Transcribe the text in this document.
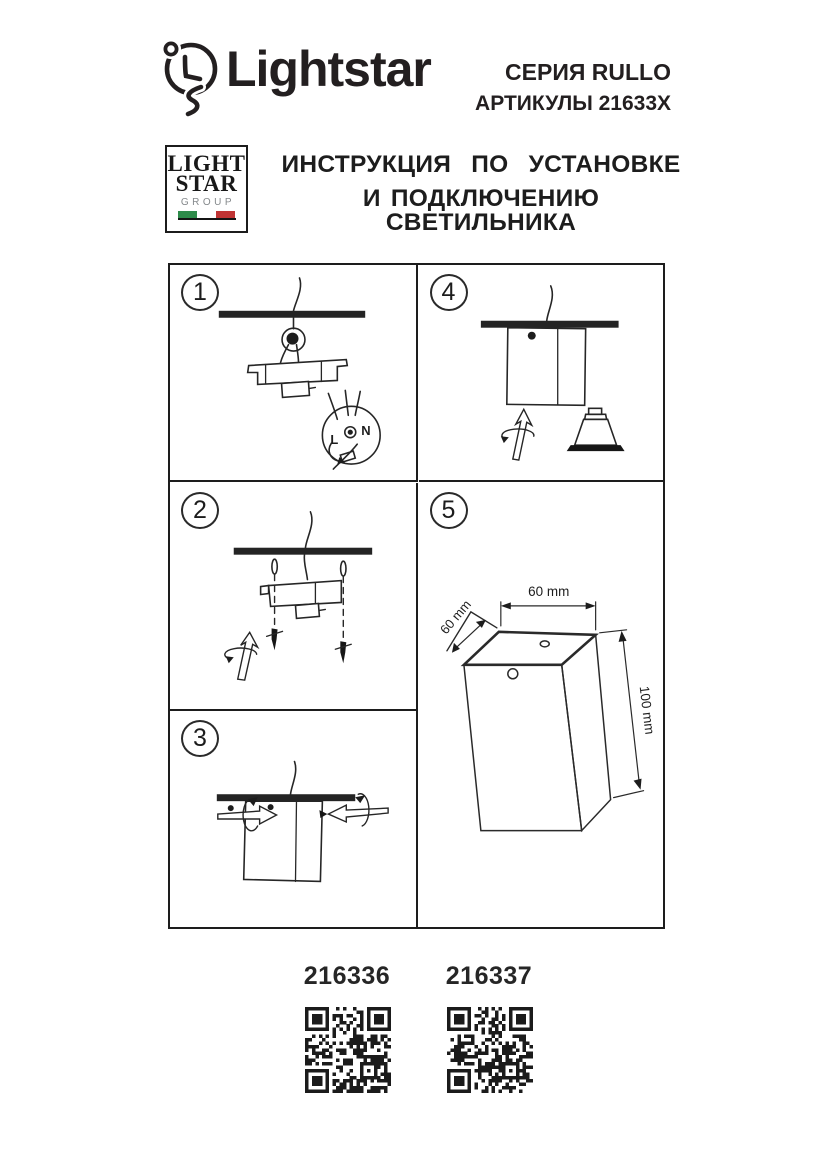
Lightstar	СЕРИЯ RULLO
АРТИКУЛЫ 21633X
LIGHT
STAR
GROUP
ИНСТРУКЦИЯ ПО УСТАНОВКЕ
И ПОДКЛЮЧЕНИЮ СВЕТИЛЬНИКА
1
L
N
2
3
4
5
60 mm
60 mm
100 mm
216336 216337
